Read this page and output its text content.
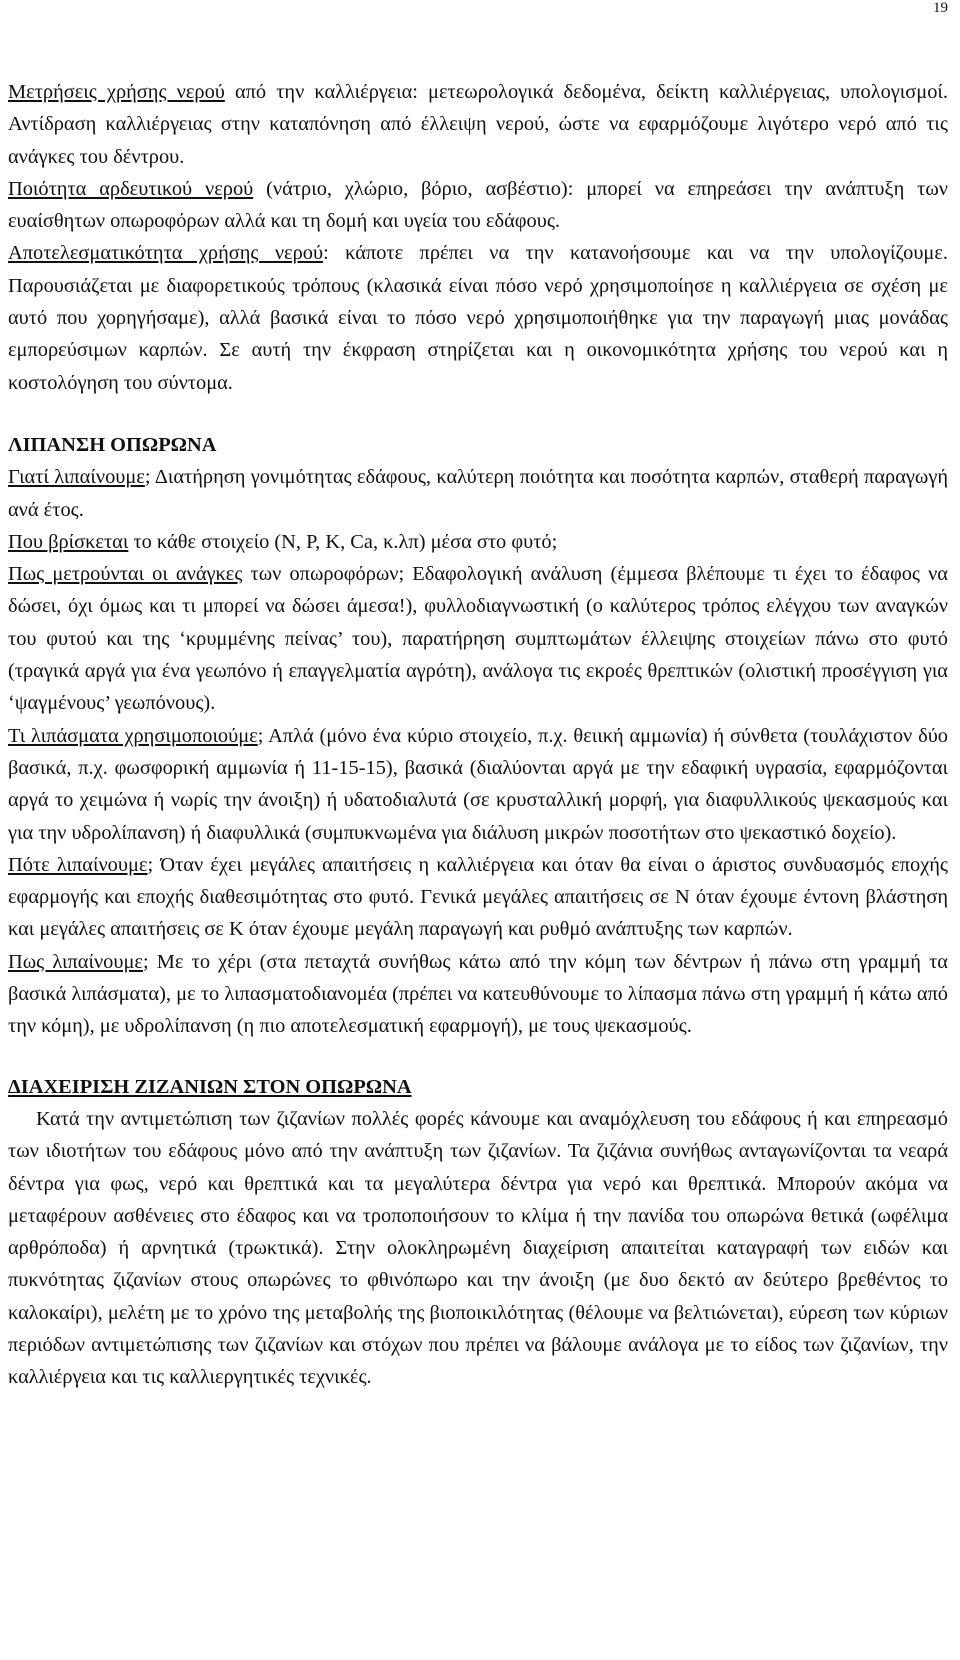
19

Μετρήσεις χρήσης νερού από την καλλιέργεια: μετεωρολογικά δεδομένα, δείκτη καλλιέργειας, υπολογισμοί. Αντίδραση καλλιέργειας στην καταπόνηση από έλλειψη νερού, ώστε να εφαρμόζουμε λιγότερο νερό από τις ανάγκες του δέντρου.

Ποιότητα αρδευτικού νερού (νάτριο, χλώριο, βόριο, ασβέστιο): μπορεί να επηρεάσει την ανάπτυξη των ευαίσθητων οπωροφόρων αλλά και τη δομή και υγεία του εδάφους.

Αποτελεσματικότητα χρήσης νερού: κάποτε πρέπει να την κατανοήσουμε και να την υπολογίζουμε. Παρουσιάζεται με διαφορετικούς τρόπους (κλασικά είναι πόσο νερό χρησιμοποίησε η καλλιέργεια σε σχέση με αυτό που χορηγήσαμε), αλλά βασικά είναι το πόσο νερό χρησιμοποιήθηκε για την παραγωγή μιας μονάδας εμπορεύσιμων καρπών. Σε αυτή την έκφραση στηρίζεται και η οικονομικότητα χρήσης του νερού και η κοστολόγηση του σύντομα.

ΛΙΠΑΝΣΗ ΟΠΩΡΩΝΑ

Γιατί λιπαίνουμε; Διατήρηση γονιμότητας εδάφους, καλύτερη ποιότητα και ποσότητα καρπών, σταθερή παραγωγή ανά έτος.

Που βρίσκεται το κάθε στοιχείο (N, P, K, Ca, κ.λπ) μέσα στο φυτό;

Πως μετρούνται οι ανάγκες των οπωροφόρων; Εδαφολογική ανάλυση (έμμεσα βλέπουμε τι έχει το έδαφος να δώσει, όχι όμως και τι μπορεί να δώσει άμεσα!), φυλλοδιαγνωστική (ο καλύτερος τρόπος ελέγχου των αναγκών του φυτού και της ‘κρυμμένης πείνας’ του), παρατήρηση συμπτωμάτων έλλειψης στοιχείων πάνω στο φυτό (τραγικά αργά για ένα γεωπόνο ή επαγγελματία αγρότη), ανάλογα τις εκροές θρεπτικών (ολιστική προσέγγιση για ‘ψαγμένους’ γεωπόνους).

Τι λιπάσματα χρησιμοποιούμε; Απλά (μόνο ένα κύριο στοιχείο, π.χ. θειική αμμωνία) ή σύνθετα (τουλάχιστον δύο βασικά, π.χ. φωσφορική αμμωνία ή 11-15-15), βασικά (διαλύονται αργά με την εδαφική υγρασία, εφαρμόζονται αργά το χειμώνα ή νωρίς την άνοιξη) ή υδατοδιαλυτά (σε κρυσταλλική μορφή, για διαφυλλικούς ψεκασμούς και για την υδρολίπανση) ή διαφυλλικά (συμπυκνωμένα για διάλυση μικρών ποσοτήτων στο ψεκαστικό δοχείο).

Πότε λιπαίνουμε; Όταν έχει μεγάλες απαιτήσεις η καλλιέργεια και όταν θα είναι ο άριστος συνδυασμός εποχής εφαρμογής και εποχής διαθεσιμότητας στο φυτό. Γενικά μεγάλες απαιτήσεις σε Ν όταν έχουμε έντονη βλάστηση και μεγάλες απαιτήσεις σε Κ όταν έχουμε μεγάλη παραγωγή και ρυθμό ανάπτυξης των καρπών.

Πως λιπαίνουμε; Με το χέρι (στα πεταχτά συνήθως κάτω από την κόμη των δέντρων ή πάνω στη γραμμή τα βασικά λιπάσματα), με το λιπασματοδιανομέα (πρέπει να κατευθύνουμε το λίπασμα πάνω στη γραμμή ή κάτω από την κόμη), με υδρολίπανση (η πιο αποτελεσματική εφαρμογή), με τους ψεκασμούς.

ΔΙΑΧΕΙΡΙΣΗ ΖΙΖΑΝΙΩΝ ΣΤΟΝ ΟΠΩΡΩΝΑ

Κατά την αντιμετώπιση των ζιζανίων πολλές φορές κάνουμε και αναμόχλευση του εδάφους ή και επηρεασμό των ιδιοτήτων του εδάφους μόνο από την ανάπτυξη των ζιζανίων. Τα ζιζάνια συνήθως ανταγωνίζονται τα νεαρά δέντρα για φως, νερό και θρεπτικά και τα μεγαλύτερα δέντρα για νερό και θρεπτικά. Μπορούν ακόμα να μεταφέρουν ασθένειες στο έδαφος και να τροποποιήσουν το κλίμα ή την πανίδα του οπωρώνα θετικά (ωφέλιμα αρθρόποδα) ή αρνητικά (τρωκτικά). Στην ολοκληρωμένη διαχείριση απαιτείται καταγραφή των ειδών και πυκνότητας ζιζανίων στους οπωρώνες το φθινόπωρο και την άνοιξη (με δυο δεκτό αν δεύτερο βρεθέντος το καλοκαίρι), μελέτη με το χρόνο της μεταβολής της βιοποικιλότητας (θέλουμε να βελτιώνεται), εύρεση των κύριων περιόδων αντιμετώπισης των ζιζανίων και στόχων που πρέπει να βάλουμε ανάλογα με το είδος των ζιζανίων, την καλλιέργεια και τις καλλιεργητικές τεχνικές.
